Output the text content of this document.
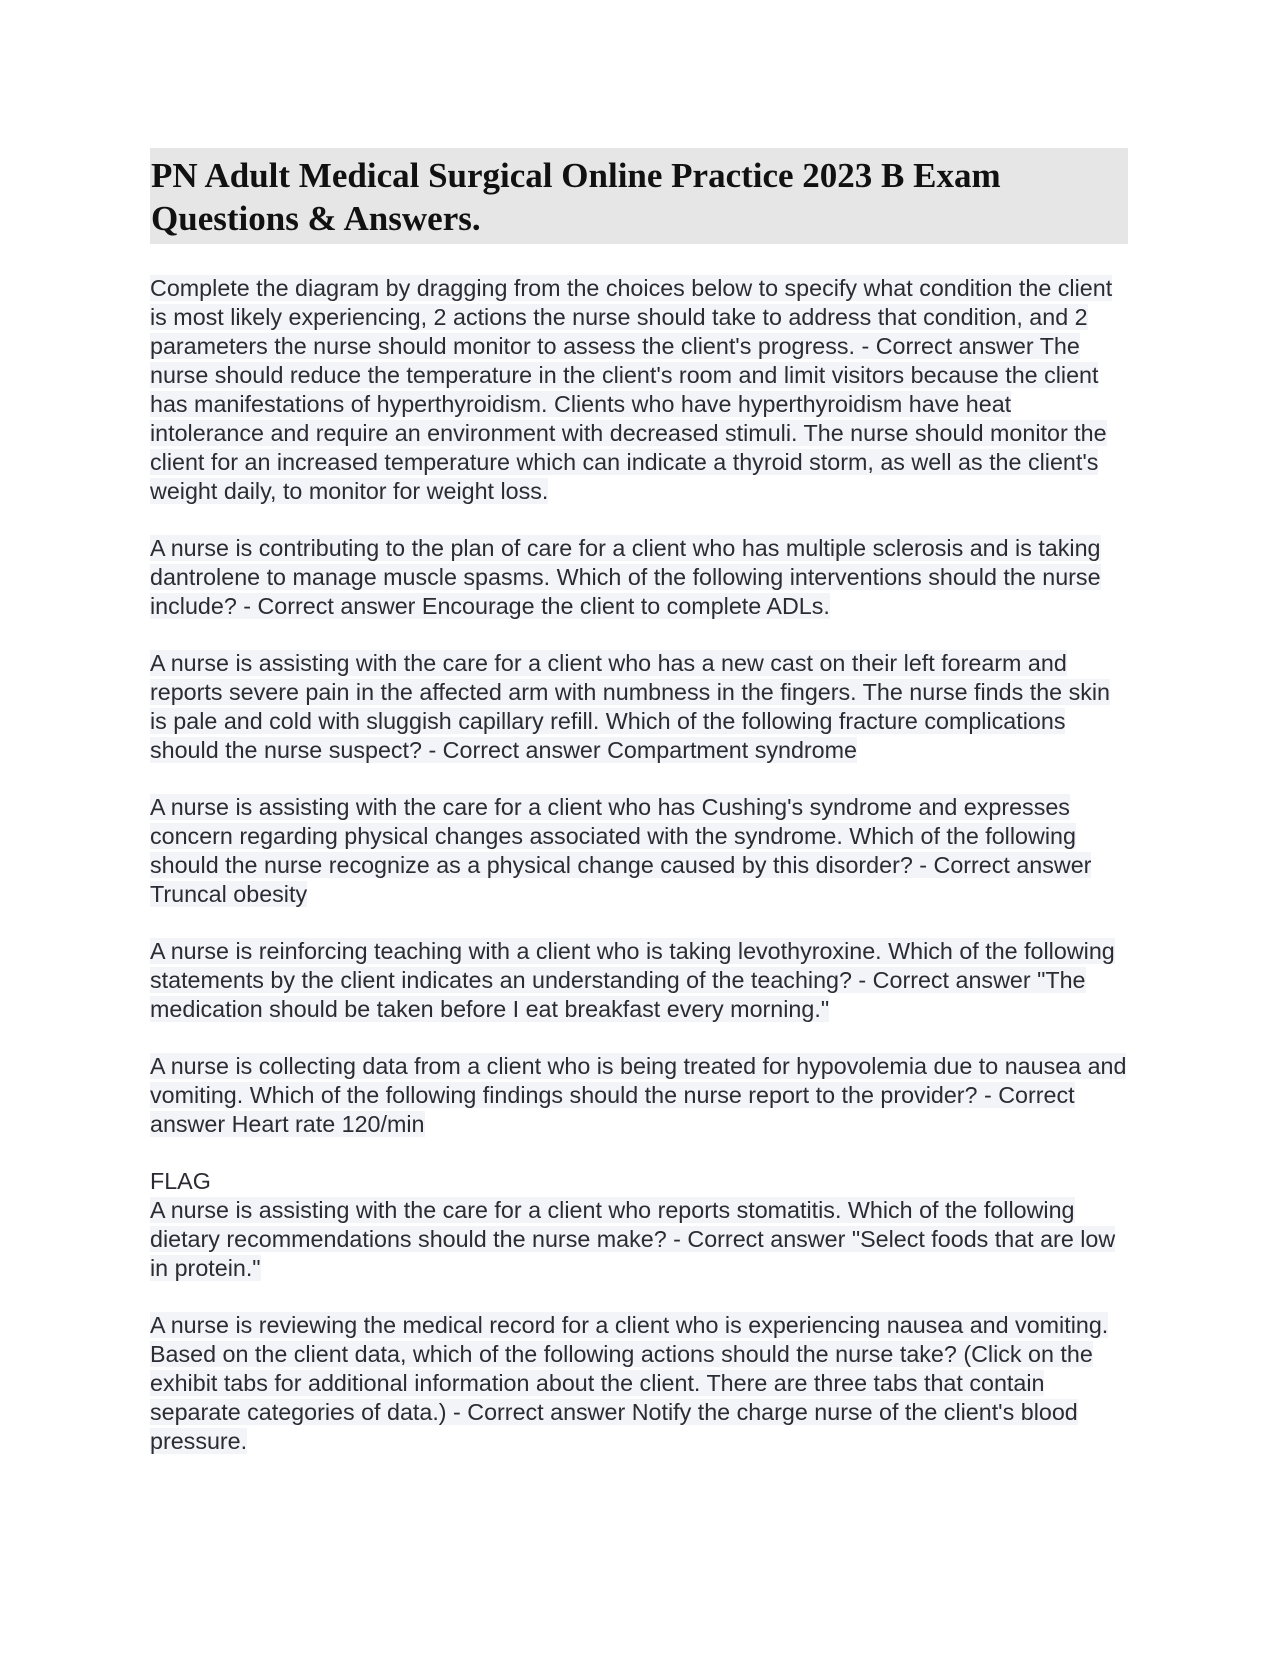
PN Adult Medical Surgical Online Practice 2023 B Exam Questions & Answers.

Complete the diagram by dragging from the choices below to specify what condition the client is most likely experiencing, 2 actions the nurse should take to address that condition, and 2 parameters the nurse should monitor to assess the client's progress. - Correct answer The nurse should reduce the temperature in the client's room and limit visitors because the client has manifestations of hyperthyroidism. Clients who have hyperthyroidism have heat intolerance and require an environment with decreased stimuli. The nurse should monitor the client for an increased temperature which can indicate a thyroid storm, as well as the client's weight daily, to monitor for weight loss.

A nurse is contributing to the plan of care for a client who has multiple sclerosis and is taking dantrolene to manage muscle spasms. Which of the following interventions should the nurse include? - Correct answer Encourage the client to complete ADLs.

A nurse is assisting with the care for a client who has a new cast on their left forearm and reports severe pain in the affected arm with numbness in the fingers. The nurse finds the skin is pale and cold with sluggish capillary refill. Which of the following fracture complications should the nurse suspect? - Correct answer Compartment syndrome

A nurse is assisting with the care for a client who has Cushing's syndrome and expresses concern regarding physical changes associated with the syndrome. Which of the following should the nurse recognize as a physical change caused by this disorder? - Correct answer Truncal obesity

A nurse is reinforcing teaching with a client who is taking levothyroxine. Which of the following statements by the client indicates an understanding of the teaching? - Correct answer "The medication should be taken before I eat breakfast every morning."

A nurse is collecting data from a client who is being treated for hypovolemia due to nausea and vomiting. Which of the following findings should the nurse report to the provider? - Correct answer Heart rate 120/min

FLAG
A nurse is assisting with the care for a client who reports stomatitis. Which of the following dietary recommendations should the nurse make? - Correct answer "Select foods that are low in protein."

A nurse is reviewing the medical record for a client who is experiencing nausea and vomiting. Based on the client data, which of the following actions should the nurse take? (Click on the exhibit tabs for additional information about the client. There are three tabs that contain separate categories of data.) - Correct answer Notify the charge nurse of the client's blood pressure.
